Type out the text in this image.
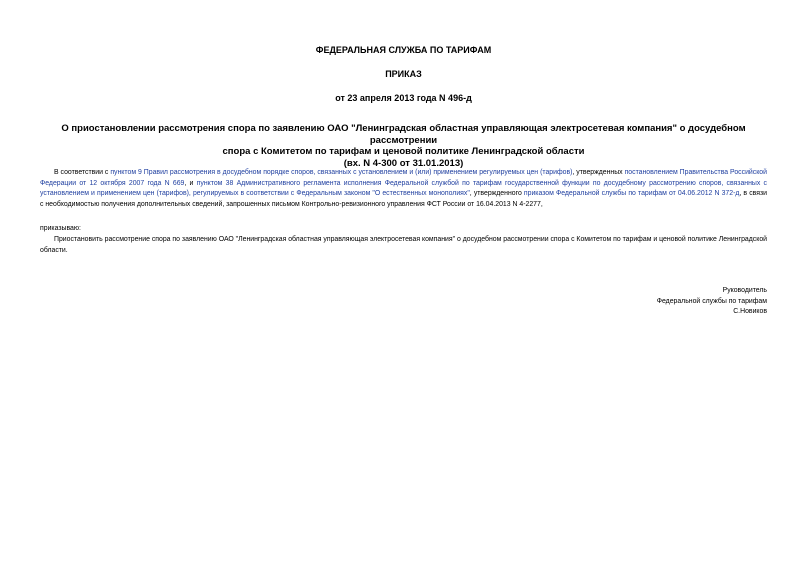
ФЕДЕРАЛЬНАЯ СЛУЖБА ПО ТАРИФАМ
ПРИКАЗ
от 23 апреля 2013 года N 496-д
О приостановлении рассмотрения спора по заявлению ОАО "Ленинградская областная управляющая электросетевая компания" о досудебном рассмотрении
спора с Комитетом по тарифам и ценовой политике Ленинградской области
(вх. N 4-300 от 31.01.2013)
В соответствии с пунктом 9 Правил рассмотрения в досудебном порядке споров, связанных с установлением и (или) применением регулируемых цен (тарифов), утвержденных постановлением Правительства Российской Федерации от 12 октября 2007 года N 669, и пунктом 38 Административного регламента исполнения Федеральной службой по тарифам государственной функции по досудебному рассмотрению споров, связанных с установлением и применением цен (тарифов), регулируемых в соответствии с Федеральным законом "О естественных монополиях", утвержденного приказом Федеральной службы по тарифам от 04.06.2012 N 372-д, в связи с необходимостью получения дополнительных сведений, запрошенных письмом Контрольно-ревизионного управления ФСТ России от 16.04.2013 N 4-2277,
приказываю:
Приостановить рассмотрение спора по заявлению ОАО "Ленинградская областная управляющая электросетевая компания" о досудебном рассмотрении спора с Комитетом по тарифам и ценовой политике Ленинградской области.
Руководитель
Федеральной службы по тарифам
С.Новиков
